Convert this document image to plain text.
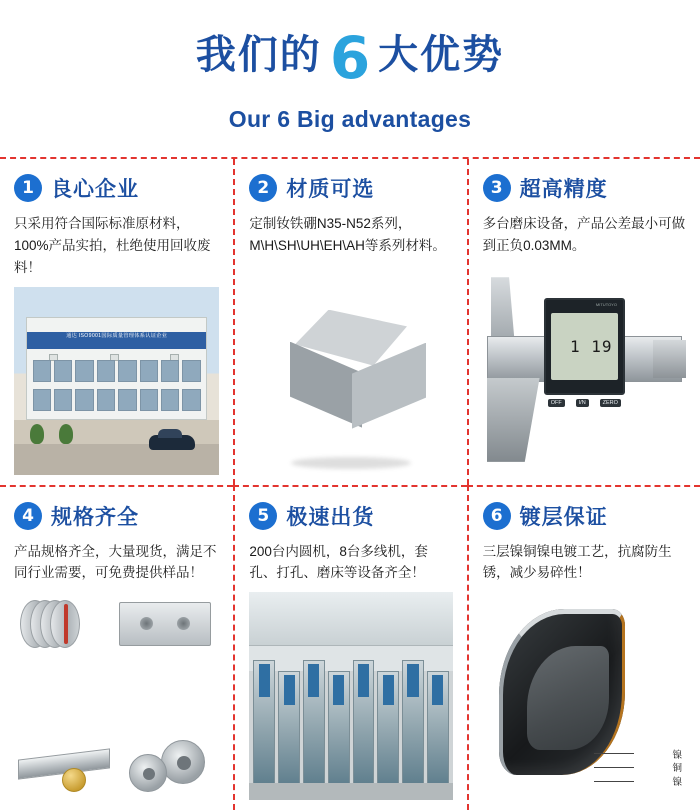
我们的 6 大优势
Our 6 Big advantages
1 良心企业
只采用符合国际标准原材料，100%产品实拍，杜绝使用回收废料！
通达 ISO9001国际质量管理体系认证企业
2 材质可选
定制钕铁硼N35-N52系列，M\H\SH\UH\EH\AH等系列材料。
3 超高精度
多台磨床设备，产品公差最小可做到正负0.03MM。
1 19
MITUTOYO
OFF	I/N	ZERO
4 规格齐全
产品规格齐全，大量现货，满足不同行业需要，可免费提供样品！
5 极速出货
200台内圆机，8台多线机，套孔、打孔、磨床等设备齐全！
6 镀层保证
三层镍铜镍电镀工艺，抗腐防生锈，减少易碎性！
镍
铜
镍
